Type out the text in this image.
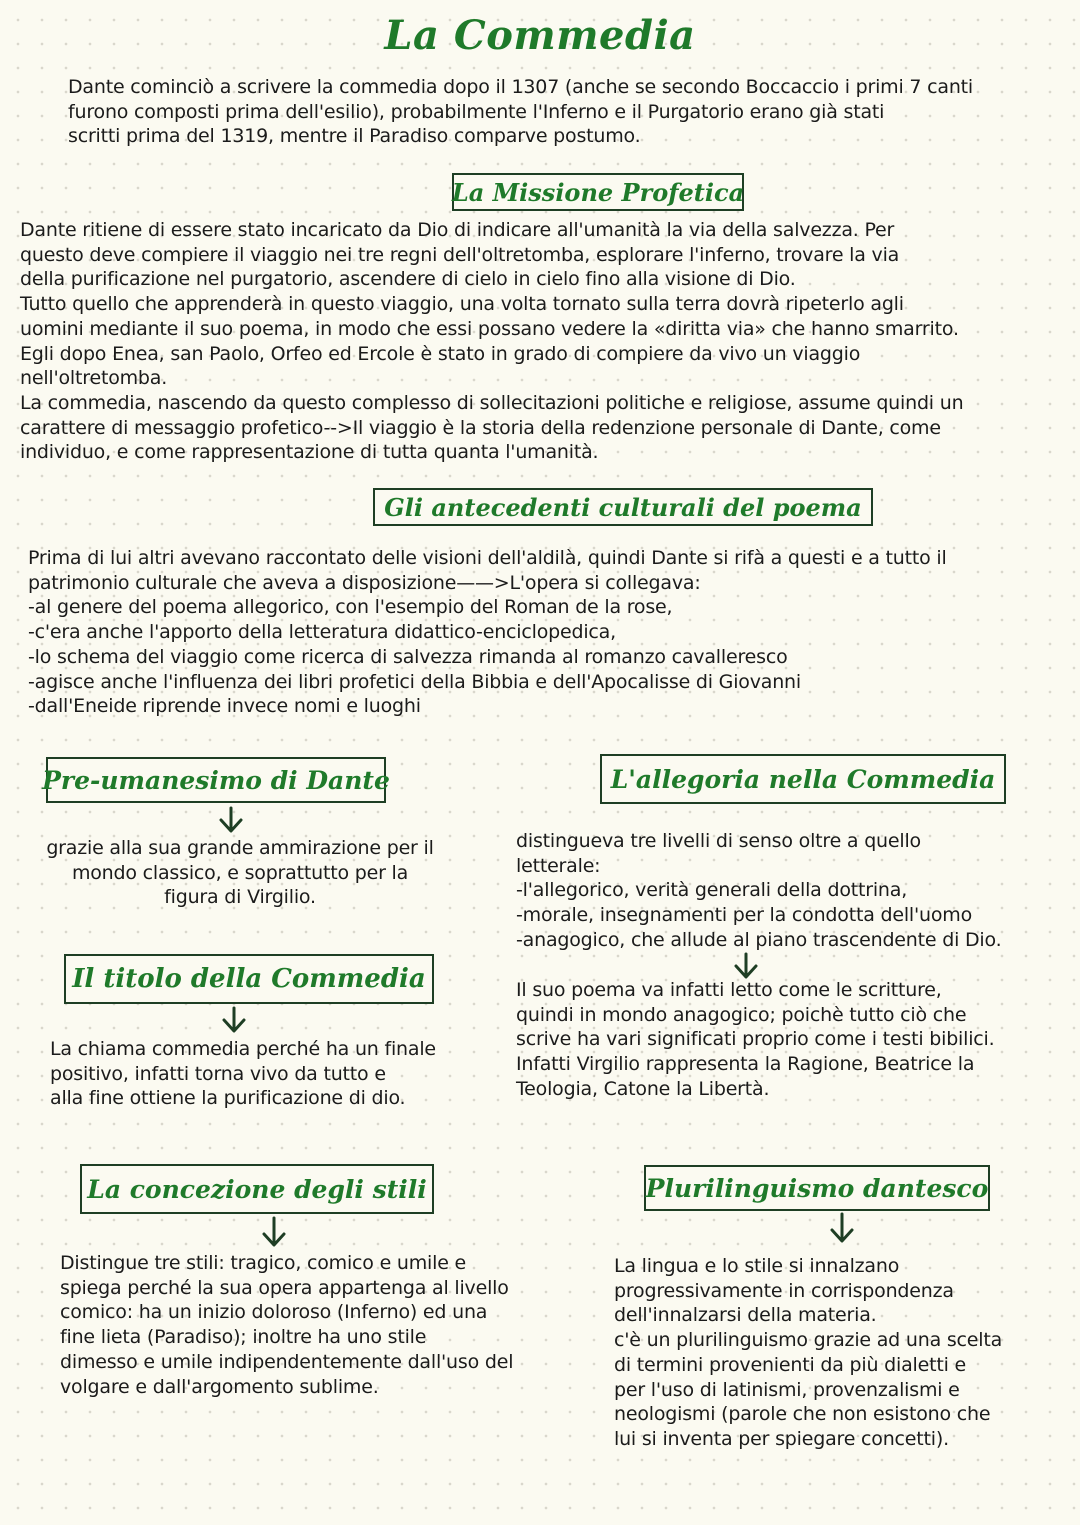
La Commedia
Dante cominciò a scrivere la commedia dopo il 1307 (anche se secondo Boccaccio i primi 7 canti
furono composti prima dell'esilio), probabilmente l'Inferno e il Purgatorio erano già stati
scritti prima del 1319, mentre il Paradiso comparve postumo.
La Missione Profetica
Dante ritiene di essere stato incaricato da Dio di indicare all'umanità la via della salvezza. Per
questo deve compiere il viaggio nei tre regni dell'oltretomba, esplorare l'inferno, trovare la via
della purificazione nel purgatorio, ascendere di cielo in cielo fino alla visione di Dio.
Tutto quello che apprenderà in questo viaggio, una volta tornato sulla terra dovrà ripeterlo agli
uomini mediante il suo poema, in modo che essi possano vedere la «diritta via» che hanno smarrito.
Egli dopo Enea, san Paolo, Orfeo ed Ercole è stato in grado di compiere da vivo un viaggio
nell'oltretomba.
La commedia, nascendo da questo complesso di sollecitazioni politiche e religiose, assume quindi un
carattere di messaggio profetico-->Il viaggio è la storia della redenzione personale di Dante, come
individuo, e come rappresentazione di tutta quanta l'umanità.
Gli antecedenti culturali del poema
Prima di lui altri avevano raccontato delle visioni dell'aldilà, quindi Dante si rifà a questi e a tutto il
patrimonio culturale che aveva a disposizione——>L'opera si collegava:
-al genere del poema allegorico, con l'esempio del Roman de la rose,
-c'era anche l'apporto della letteratura didattico-enciclopedica,
-lo schema del viaggio come ricerca di salvezza rimanda al romanzo cavalleresco
-agisce anche l'influenza dei libri profetici della Bibbia e dell'Apocalisse di Giovanni
-dall'Eneide riprende invece nomi e luoghi
Pre-umanesimo di Dante
grazie alla sua grande ammirazione per il
mondo classico, e soprattutto per la
figura di Virgilio.
L'allegoria nella Commedia
distingueva tre livelli di senso oltre a quello
letterale:
-l'allegorico, verità generali della dottrina,
-morale, insegnamenti per la condotta dell'uomo
-anagogico, che allude al piano trascendente di Dio.
Il suo poema va infatti letto come le scritture,
quindi in mondo anagogico; poichè tutto ciò che
scrive ha vari significati proprio come i testi bibilici.
Infatti Virgilio rappresenta la Ragione, Beatrice la
Teologia, Catone la Libertà.
Il titolo della Commedia
La chiama commedia perché ha un finale
positivo, infatti torna vivo da tutto e
alla fine ottiene la purificazione di dio.
La concezione degli stili
Distingue tre stili: tragico, comico e umile e
spiega perché la sua opera appartenga al livello
comico: ha un inizio doloroso (Inferno) ed una
fine lieta (Paradiso); inoltre ha uno stile
dimesso e umile indipendentemente dall'uso del
volgare e dall'argomento sublime.
Plurilinguismo dantesco
La lingua e lo stile si innalzano
progressivamente in corrispondenza
dell'innalzarsi della materia.
c'è un plurilinguismo grazie ad una scelta
di termini provenienti da più dialetti e
per l'uso di latinismi, provenzalismi e
neologismi (parole che non esistono che
lui si inventa per spiegare concetti).
